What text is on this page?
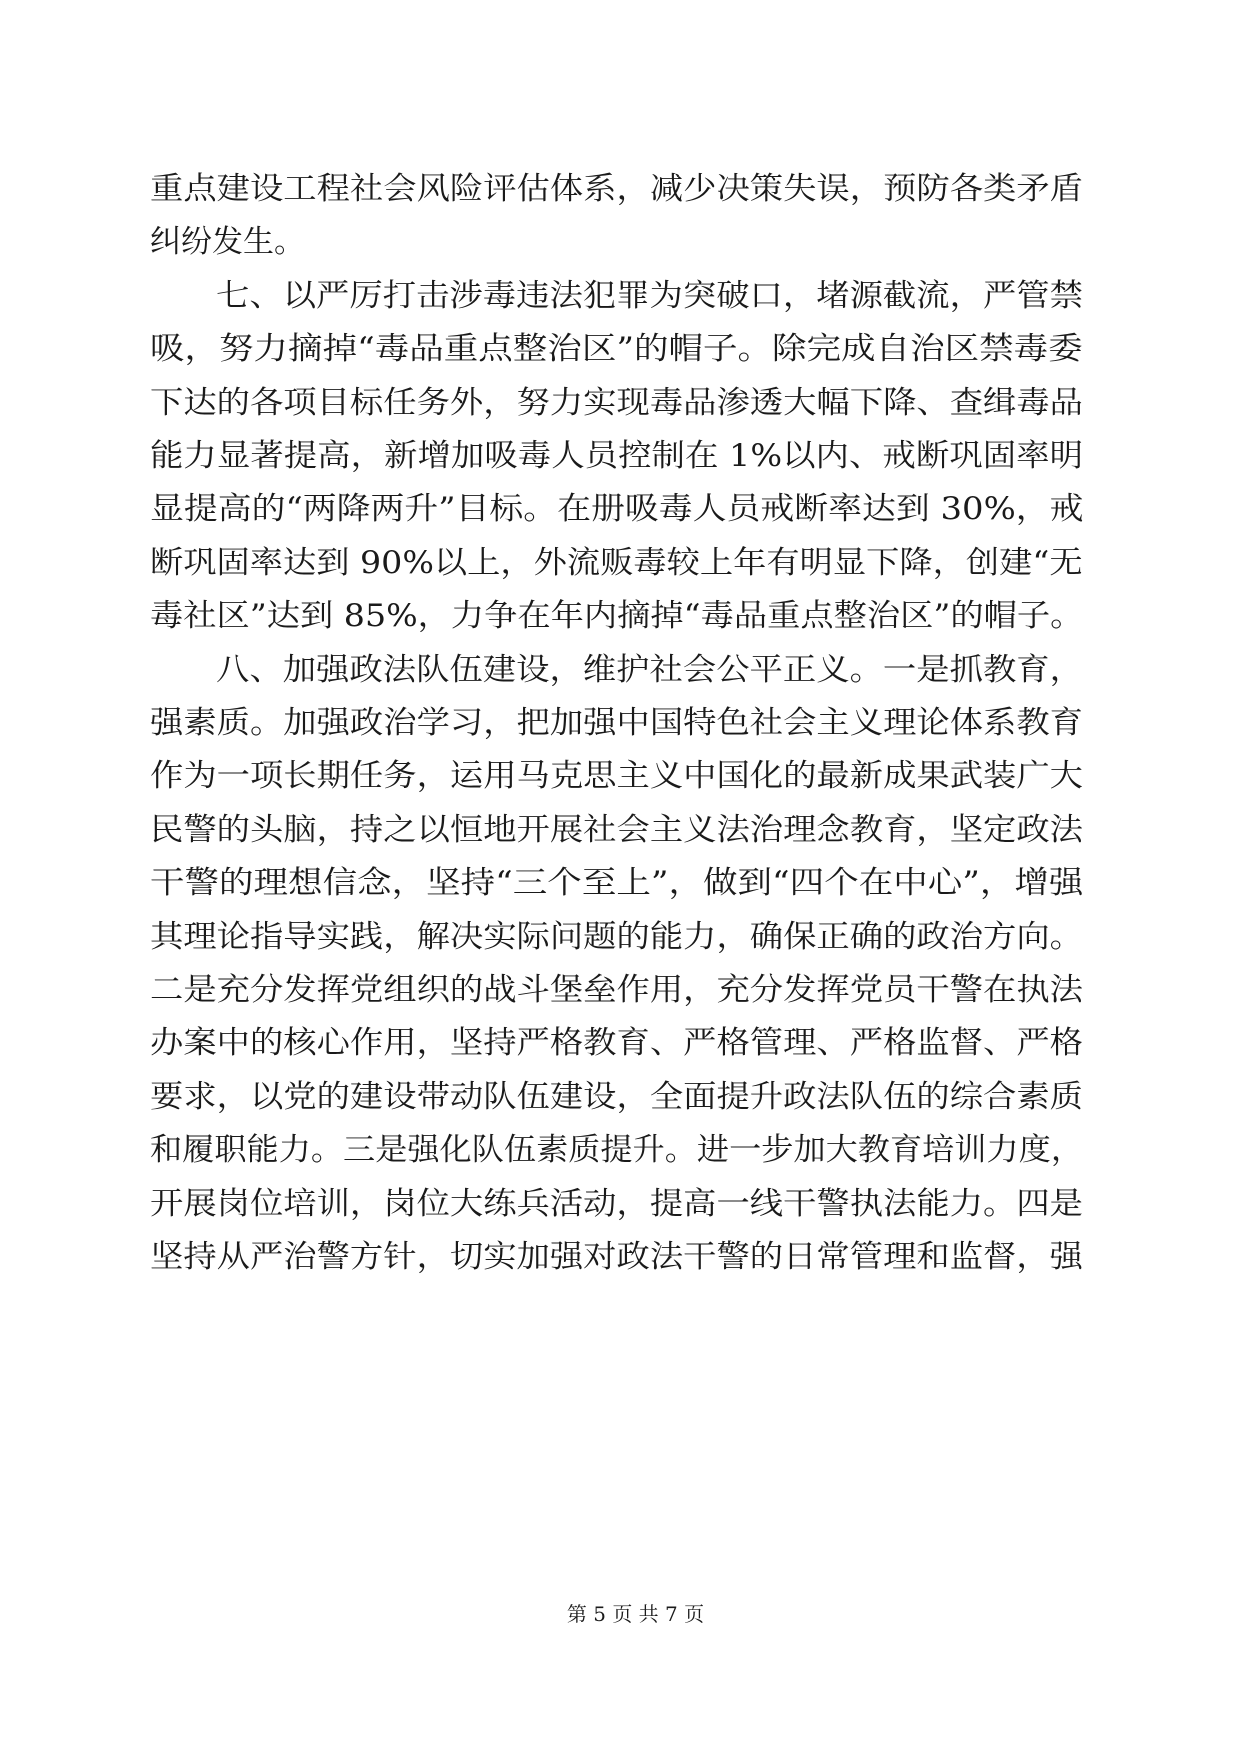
重点建设工程社会风险评估体系，减少决策失误，预防各类矛盾
纠纷发生。
七、以严厉打击涉毒违法犯罪为突破口，堵源截流，严管禁
吸，努力摘掉“毒品重点整治区”的帽子。除完成自治区禁毒委
下达的各项目标任务外，努力实现毒品渗透大幅下降、查缉毒品
能力显著提高，新增加吸毒人员控制在 1%以内、戒断巩固率明
显提高的“两降两升”目标。在册吸毒人员戒断率达到 30%，戒
断巩固率达到 90%以上，外流贩毒较上年有明显下降，创建“无
毒社区”达到 85%，力争在年内摘掉“毒品重点整治区”的帽子。
八、加强政法队伍建设，维护社会公平正义。一是抓教育，
强素质。加强政治学习，把加强中国特色社会主义理论体系教育
作为一项长期任务，运用马克思主义中国化的最新成果武装广大
民警的头脑，持之以恒地开展社会主义法治理念教育，坚定政法
干警的理想信念，坚持“三个至上”，做到“四个在中心”，增强
其理论指导实践，解决实际问题的能力，确保正确的政治方向。
二是充分发挥党组织的战斗堡垒作用，充分发挥党员干警在执法
办案中的核心作用，坚持严格教育、严格管理、严格监督、严格
要求，以党的建设带动队伍建设，全面提升政法队伍的综合素质
和履职能力。三是强化队伍素质提升。进一步加大教育培训力度，
开展岗位培训，岗位大练兵活动，提高一线干警执法能力。四是
坚持从严治警方针，切实加强对政法干警的日常管理和监督，强
第 5 页 共 7 页
